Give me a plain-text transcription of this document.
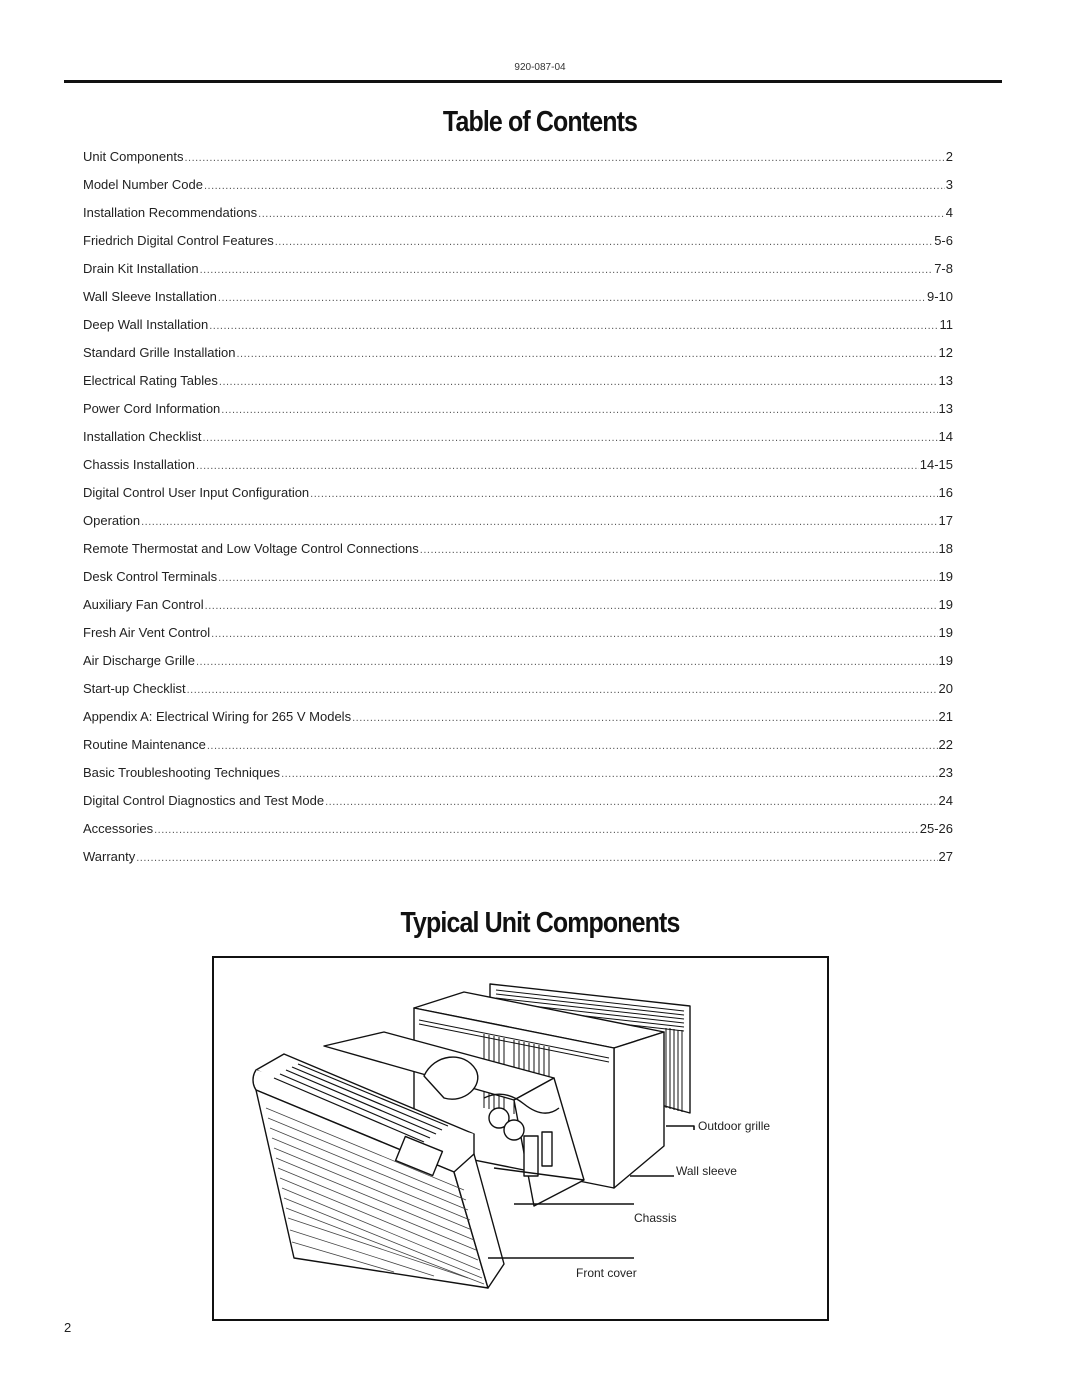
920-087-04
Table of Contents
Unit Components .....	2
Model Number Code .....	3
Installation Recommendations .....	4
Friedrich Digital Control Features .....	5-6
Drain Kit Installation .....	7-8
Wall Sleeve Installation .....	9-10
Deep Wall Installation .....	11
Standard Grille Installation .....	12
Electrical Rating Tables .....	13
Power Cord Information .....	13
Installation Checklist .....	14
Chassis Installation .....	14-15
Digital Control User Input Configuration .....	16
Operation .....	17
Remote Thermostat and Low Voltage Control Connections .....	18
Desk Control Terminals .....	19
Auxiliary Fan Control .....	19
Fresh Air Vent Control .....	19
Air Discharge Grille .....	19
Start-up Checklist .....	20
Appendix A: Electrical Wiring for 265 V Models .....	21
Routine Maintenance .....	22
Basic Troubleshooting Techniques .....	23
Digital Control Diagnostics and Test Mode .....	24
Accessories .....	25-26
Warranty .....	27
Typical Unit Components
Outdoor grille
Wall sleeve
Chassis
Front cover
2
